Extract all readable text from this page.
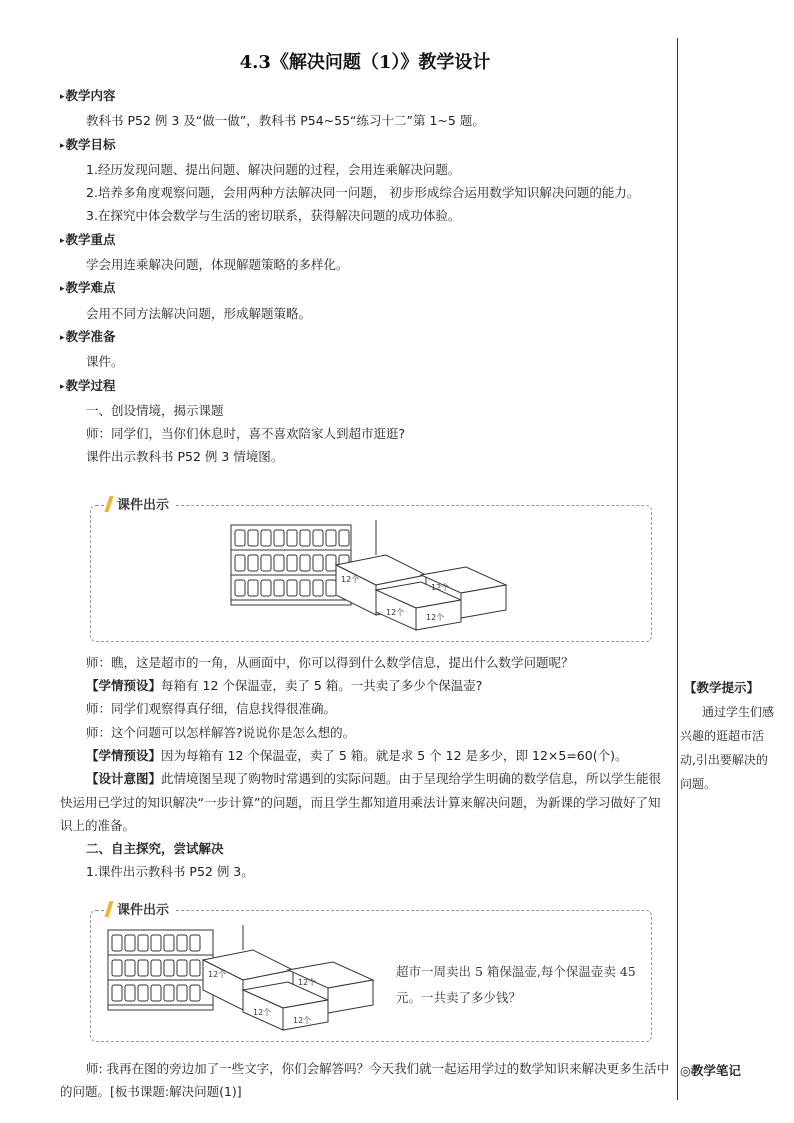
4.3《解决问题（1）》教学设计

▸ 教学内容

教科书 P52 例 3 及“做一做”，教科书 P54~55“练习十二”第 1~5 题。

▸ 教学目标

1.经历发现问题、提出问题、解决问题的过程，会用连乘解决问题。

2.培养多角度观察问题，会用两种方法解决同一问题， 初步形成综合运用数学知识解决问题的能力。

3.在探究中体会数学与生活的密切联系，获得解决问题的成功体验。

▸ 教学重点

学会用连乘解决问题，体现解题策略的多样化。

▸ 教学难点

会用不同方法解决问题，形成解题策略。

▸ 教学准备

课件。

▸ 教学过程

一、创设情境，揭示课题

师：同学们，当你们休息时，喜不喜欢陪家人到超市逛逛?

课件出示教科书 P52 例 3 情境图。

师：瞧，这是超市的一角，从画面中，你可以得到什么数学信息，提出什么数学问题呢？

【学情预设】每箱有 12 个保温壶，卖了 5 箱。一共卖了多少个保温壶?

师：同学们观察得真仔细，信息找得很准确。

师：这个问题可以怎样解答?说说你是怎么想的。

【学情预设】因为每箱有 12 个保温壶，卖了 5 箱。就是求 5 个 12 是多少，即 12×5=60(个)。

【设计意图】此情境图呈现了购物时常遇到的实际问题。由于呈现给学生明确的数学信息，所以学生能很快运用已学过的知识解决“一步计算”的问题，而且学生都知道用乘法计算来解决问题，为新课的学习做好了知识上的准备。

二、自主探究，尝试解决

1.课件出示教科书 P52 例 3。

师: 我再在图的旁边加了一些文字，你们会解答吗？今天我们就一起运用学过的数学知识来解决更多生活中的问题。[板书课题:解决问题(1)]

课件出示
12个
12个
12个
12个
课件出示
12个
12个
12个
12个
超市一周卖出 5 箱保温壶,每个保温壶卖 45 元。一共卖了多少钱？
【教学提示】
通过学生们感兴趣的逛超市活动,引出要解决的问题。
◎教学笔记
